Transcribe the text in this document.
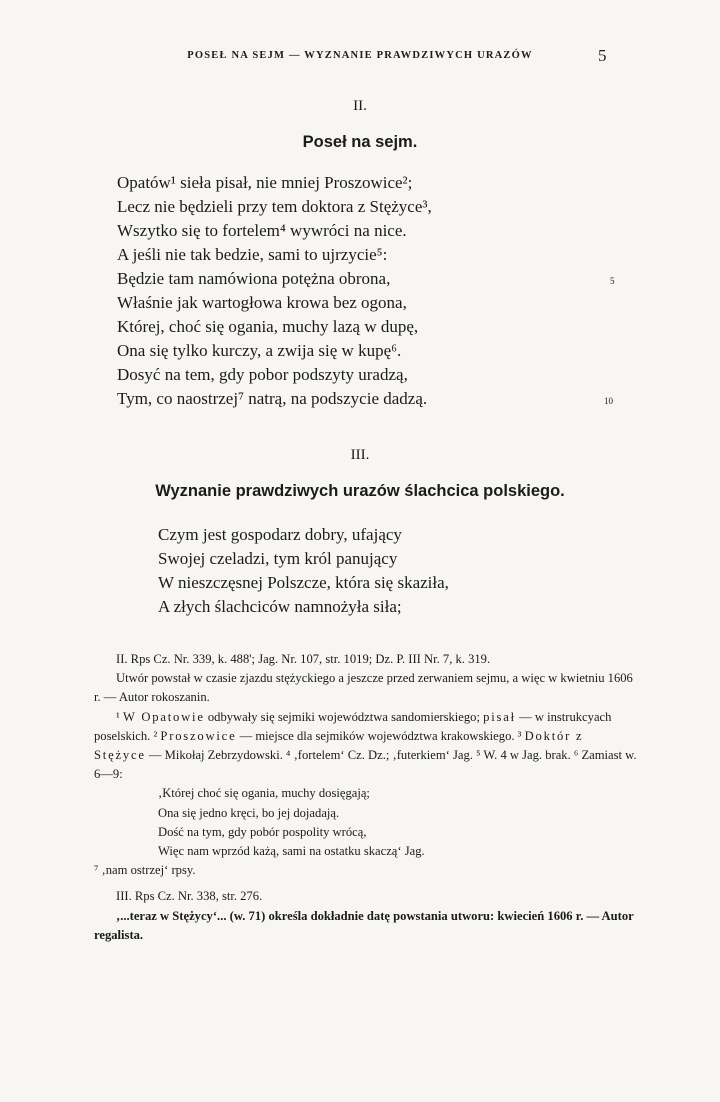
POSEŁ NA SEJM — WYZNANIE PRAWDZIWYCH URAZÓW	5
II.
Poseł na sejm.
Opatów¹ sieła pisał, nie mniej Proszowice²;
Lecz nie będzieli przy tem doktora z Stężyce³,
Wszytko się to fortelem⁴ wywróci na nice.
A jeśli nie tak bedzie, sami to ujrzycie⁵:
Będzie tam namówiona potężna obrona,
Właśnie jak wartogłowa krowa bez ogona,
Której, choć się ogania, muchy lazą w dupę,
Ona się tylko kurczy, a zwija się w kupę⁶.
Dosyć na tem, gdy pobor podszyty uradzą,
Tym, co naostrzej⁷ natrą, na podszycie dadzą.
5
10
III.
Wyznanie prawdziwych urazów ślachcica polskiego.
Czym jest gospodarz dobry, ufający
Swojej czeladzi, tym król panujący
W nieszczęsnej Polszcze, która się skaziła,
A złych ślachciców namnożyła siła;

II. Rps Cz. Nr. 339, k. 488'; Jag. Nr. 107, str. 1019; Dz. P. III Nr. 7, k. 319.

Utwór powstał w czasie zjazdu stężyckiego a jeszcze przed zerwaniem sejmu, a więc w kwietniu 1606 r. — Autor rokoszanin.

¹ W Opatowie odbywały się sejmiki województwa sandomierskiego; pisał — w instrukcyach poselskich. ² Proszowice — miejsce dla sejmików województwa krakowskiego. ³ Doktór z Stężyce — Mikołaj Zebrzydowski. ⁴ ‚fortelem‘ Cz. Dz.; ‚futerkiem‘ Jag. ⁵ W. 4 w Jag. brak. ⁶ Zamiast w. 6—9:

‚Której choć się ogania, muchy dosięgają;

Ona się jedno kręci, bo jej dojadają.

Dość na tym, gdy pobór pospolity wrócą,

Więc nam wprzód każą, sami na ostatku skaczą‘ Jag.

⁷ ‚nam ostrzej‘ rpsy.

III. Rps Cz. Nr. 338, str. 276.

‚...teraz w Stężycy‘... (w. 71) określa dokładnie datę powstania utworu: kwiecień 1606 r. — Autor regalista.
